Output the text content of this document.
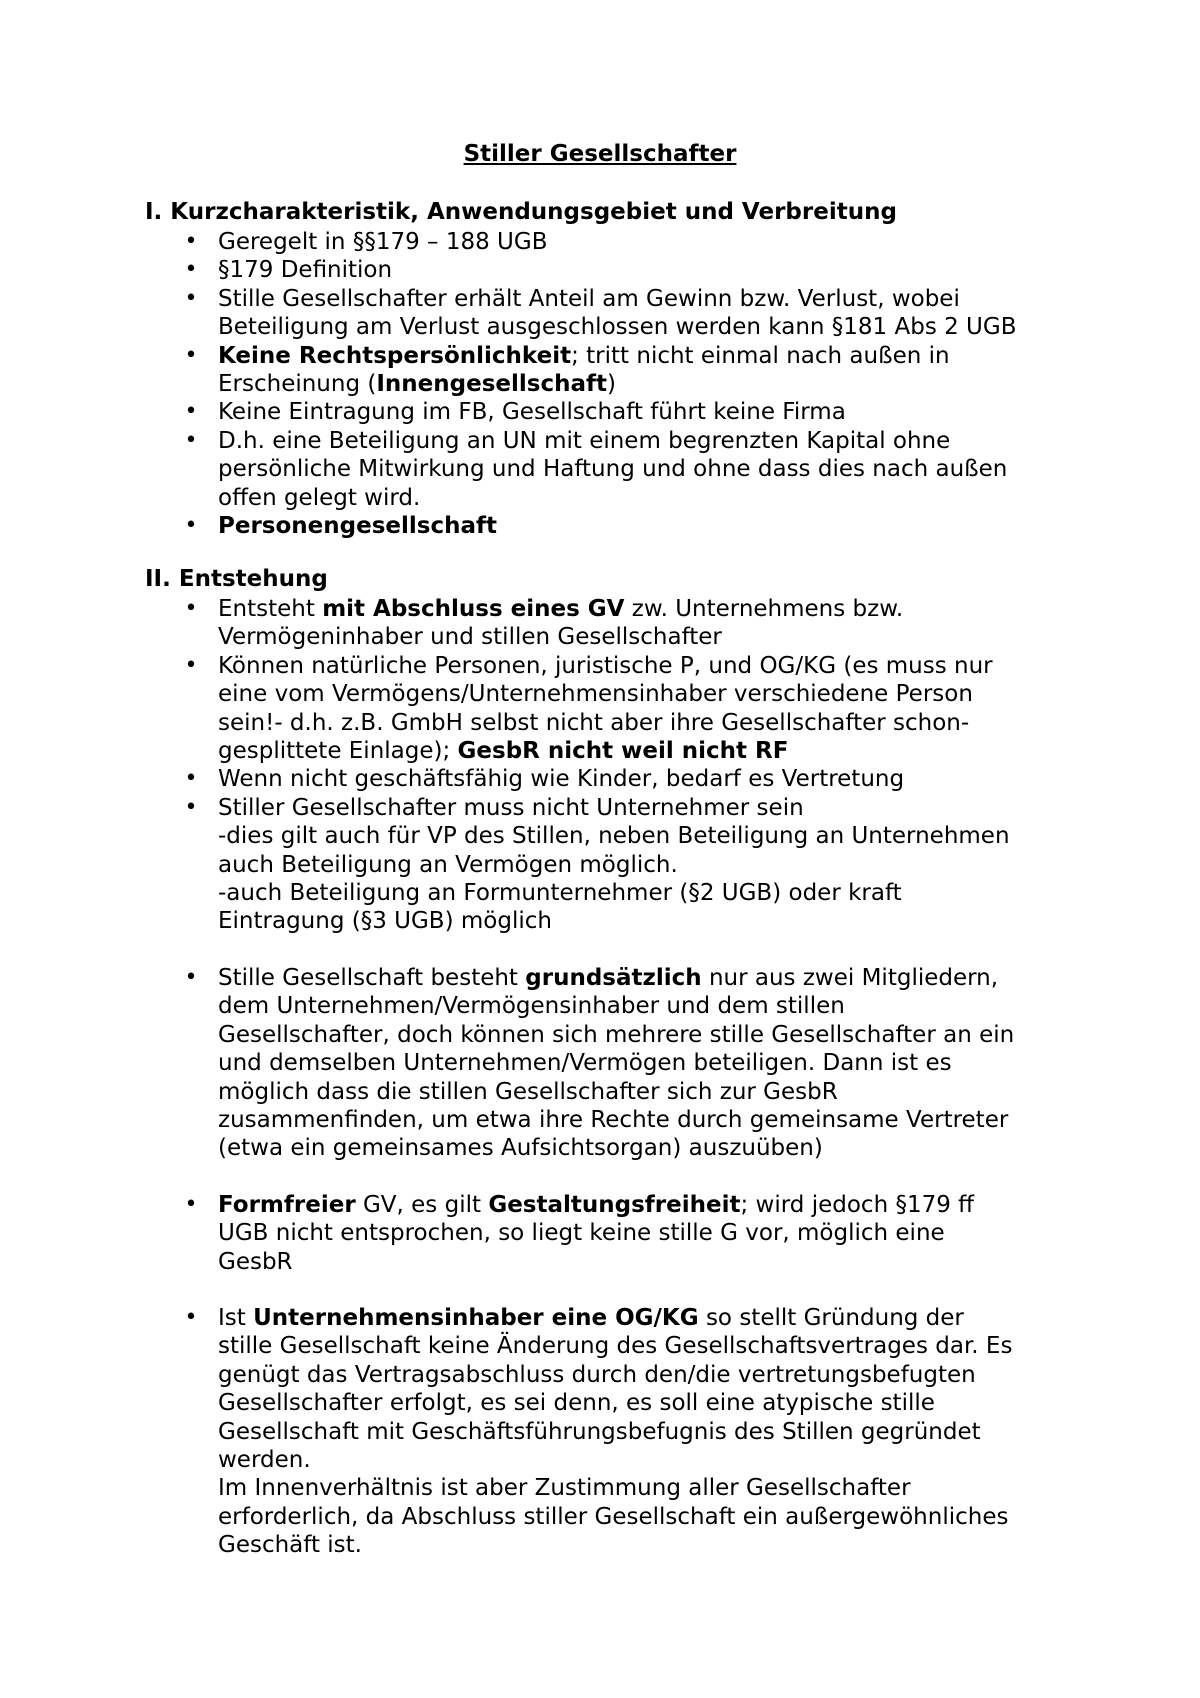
Stiller Gesellschafter
I. Kurzcharakteristik, Anwendungsgebiet und Verbreitung
• Geregelt in §§179 – 188 UGB
• §179 Definition
• Stille Gesellschafter erhält Anteil am Gewinn bzw. Verlust, wobei
Beteiligung am Verlust ausgeschlossen werden kann §181 Abs 2 UGB
• Keine Rechtspersönlichkeit; tritt nicht einmal nach außen in
Erscheinung (Innengesellschaft)
• Keine Eintragung im FB, Gesellschaft führt keine Firma
• D.h. eine Beteiligung an UN mit einem begrenzten Kapital ohne
persönliche Mitwirkung und Haftung und ohne dass dies nach außen
offen gelegt wird.
• Personengesellschaft
II. Entstehung
• Entsteht mit Abschluss eines GV zw. Unternehmens bzw.
Vermögeninhaber und stillen Gesellschafter
• Können natürliche Personen, juristische P, und OG/KG (es muss nur
eine vom Vermögens/Unternehmensinhaber verschiedene Person
sein!- d.h. z.B. GmbH selbst nicht aber ihre Gesellschafter schon-
gesplittete Einlage); GesbR nicht weil nicht RF
• Wenn nicht geschäftsfähig wie Kinder, bedarf es Vertretung
• Stiller Gesellschafter muss nicht Unternehmer sein
-dies gilt auch für VP des Stillen, neben Beteiligung an Unternehmen
auch Beteiligung an Vermögen möglich.
-auch Beteiligung an Formunternehmer (§2 UGB) oder kraft
Eintragung (§3 UGB) möglich
• Stille Gesellschaft besteht grundsätzlich nur aus zwei Mitgliedern,
dem Unternehmen/Vermögensinhaber und dem stillen
Gesellschafter, doch können sich mehrere stille Gesellschafter an ein
und demselben Unternehmen/Vermögen beteiligen. Dann ist es
möglich dass die stillen Gesellschafter sich zur GesbR
zusammenfinden, um etwa ihre Rechte durch gemeinsame Vertreter
(etwa ein gemeinsames Aufsichtsorgan) auszuüben)
• Formfreier GV, es gilt Gestaltungsfreiheit; wird jedoch §179 ff
UGB nicht entsprochen, so liegt keine stille G vor, möglich eine
GesbR
• Ist Unternehmensinhaber eine OG/KG so stellt Gründung der
stille Gesellschaft keine Änderung des Gesellschaftsvertrages dar. Es
genügt das Vertragsabschluss durch den/die vertretungsbefugten
Gesellschafter erfolgt, es sei denn, es soll eine atypische stille
Gesellschaft mit Geschäftsführungsbefugnis des Stillen gegründet
werden.
Im Innenverhältnis ist aber Zustimmung aller Gesellschafter
erforderlich, da Abschluss stiller Gesellschaft ein außergewöhnliches
Geschäft ist.
